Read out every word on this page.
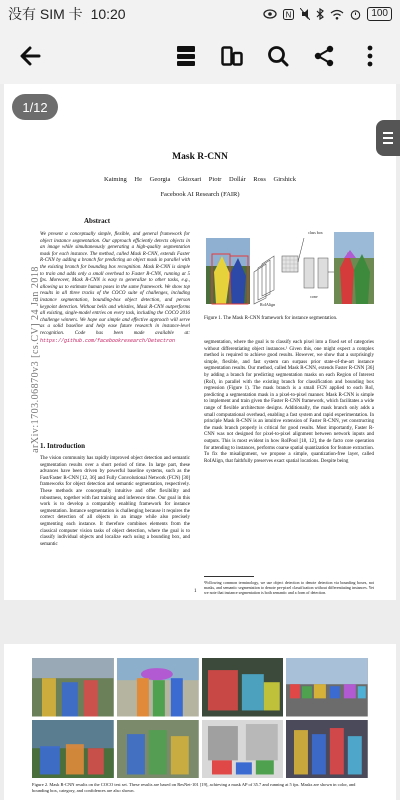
没有 SIM 卡 10:20	N	100
1/12
arXiv:1703.06870v3 [cs.CV] 24 Jan 2018
Mask R-CNN
Kaiming He Georgia Gkioxari Piotr Dollár Ross Girshick
Facebook AI Research (FAIR)
Abstract
We present a conceptually simple, flexible, and general framework for object instance segmentation. Our approach efficiently detects objects in an image while simultaneously generating a high-quality segmentation mask for each instance. The method, called Mask R-CNN, extends Faster R-CNN by adding a branch for predicting an object mask in parallel with the existing branch for bounding box recognition. Mask R-CNN is simple to train and adds only a small overhead to Faster R-CNN, running at 5 fps. Moreover, Mask R-CNN is easy to generalize to other tasks, e.g., allowing us to estimate human poses in the same framework. We show top results in all three tracks of the COCO suite of challenges, including instance segmentation, bounding-box object detection, and person keypoint detection. Without bells and whistles, Mask R-CNN outperforms all existing, single-model entries on every task, including the COCO 2016 challenge winners. We hope our simple and effective approach will serve as a solid baseline and help ease future research in instance-level recognition. Code has been made available at: https://github.com/facebookresearch/Detectron
1. Introduction
The vision community has rapidly improved object detection and semantic segmentation results over a short period of time. In large part, these advances have been driven by powerful baseline systems, such as the Fast/Faster R-CNN [12, 36] and Fully Convolutional Network (FCN) [30] frameworks for object detection and semantic segmentation, respectively. These methods are conceptually intuitive and offer flexibility and robustness, together with fast training and inference time. Our goal in this work is to develop a comparably enabling framework for instance segmentation. Instance segmentation is challenging because it requires the correct detection of all objects in an image while also precisely segmenting each instance. It therefore combines elements from the classical computer vision tasks of object detection, where the goal is to classify individual objects and localize each using a bounding box, and semantic
RoIAlign
conv
class box
Figure 1. The Mask R-CNN framework for instance segmentation.
segmentation, where the goal is to classify each pixel into a fixed set of categories without differentiating object instances.¹ Given this, one might expect a complex method is required to achieve good results. However, we show that a surprisingly simple, flexible, and fast system can surpass prior state-of-the-art instance segmentation results. Our method, called Mask R-CNN, extends Faster R-CNN [36] by adding a branch for predicting segmentation masks on each Region of Interest (RoI), in parallel with the existing branch for classification and bounding box regression (Figure 1). The mask branch is a small FCN applied to each RoI, predicting a segmentation mask in a pixel-to-pixel manner. Mask R-CNN is simple to implement and train given the Faster R-CNN framework, which facilitates a wide range of flexible architecture designs. Additionally, the mask branch only adds a small computational overhead, enabling a fast system and rapid experimentation. In principle Mask R-CNN is an intuitive extension of Faster R-CNN, yet constructing the mask branch properly is critical for good results. Most importantly, Faster R-CNN was not designed for pixel-to-pixel alignment between network inputs and outputs. This is most evident in how RoIPool [18, 12], the de facto core operation for attending to instances, performs coarse spatial quantization for feature extraction. To fix the misalignment, we propose a simple, quantization-free layer, called RoIAlign, that faithfully preserves exact spatial locations. Despite being
¹Following common terminology, we use object detection to denote detection via bounding boxes, not masks, and semantic segmentation to denote per-pixel classification without differentiating instances. Yet we note that instance segmentation is both semantic and a form of detection.
1
Figure 2. Mask R-CNN results on the COCO test set. These results are based on ResNet-101 [19], achieving a mask AP of 35.7 and running at 5 fps. Masks are shown in color, and bounding box, category, and confidences are also shown.
